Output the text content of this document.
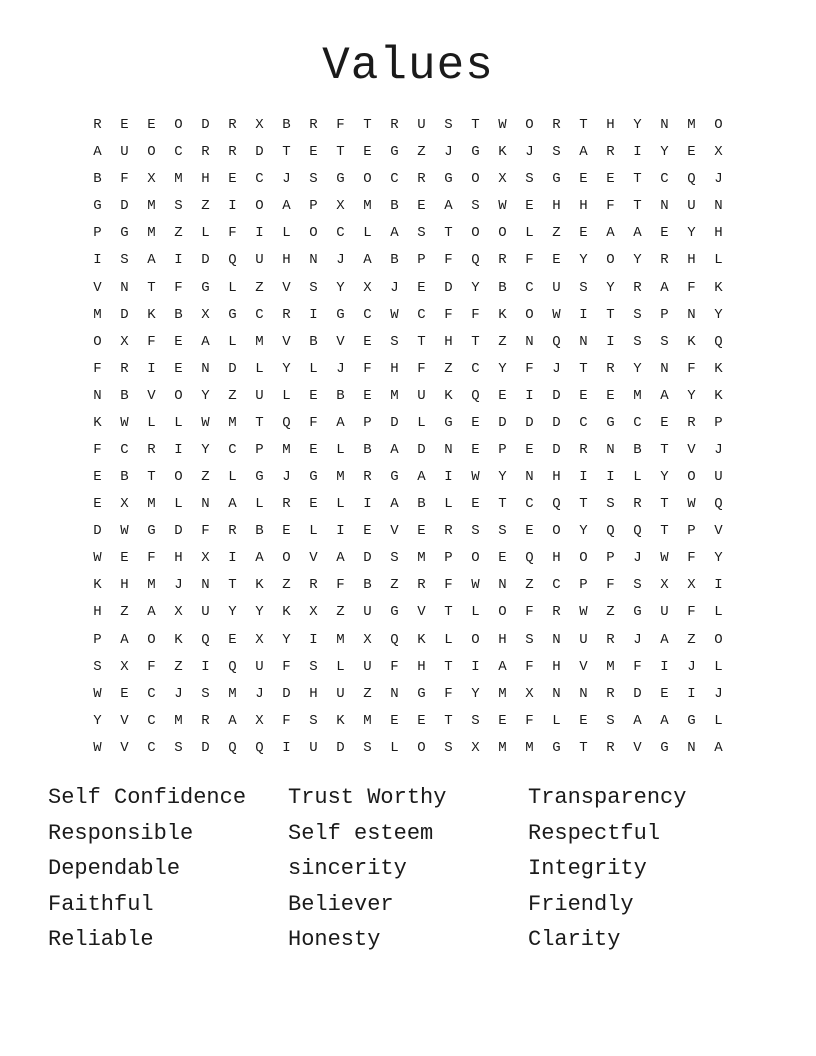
Values
R	E	E	O	D	R	X	B	R	F	T	R	U	S	T	W	O	R	T	H	Y	N	M	O
A	U	O	C	R	R	D	T	E	T	E	G	Z	J	G	K	J	S	A	R	I	Y	E	X
B	F	X	M	H	E	C	J	S	G	O	C	R	G	O	X	S	G	E	E	T	C	Q	J
G	D	M	S	Z	I	O	A	P	X	M	B	E	A	S	W	E	H	H	F	T	N	U	N
P	G	M	Z	L	F	I	L	O	C	L	A	S	T	O	O	L	Z	E	A	A	E	Y	H
I	S	A	I	D	Q	U	H	N	J	A	B	P	F	Q	R	F	E	Y	O	Y	R	H	L
V	N	T	F	G	L	Z	V	S	Y	X	J	E	D	Y	B	C	U	S	Y	R	A	F	K
M	D	K	B	X	G	C	R	I	G	C	W	C	F	F	K	O	W	I	T	S	P	N	Y
O	X	F	E	A	L	M	V	B	V	E	S	T	H	T	Z	N	Q	N	I	S	S	K	Q
F	R	I	E	N	D	L	Y	L	J	F	H	F	Z	C	Y	F	J	T	R	Y	N	F	K
N	B	V	O	Y	Z	U	L	E	B	E	M	U	K	Q	E	I	D	E	E	M	A	Y	K
K	W	L	L	W	M	T	Q	F	A	P	D	L	G	E	D	D	D	C	G	C	E	R	P
F	C	R	I	Y	C	P	M	E	L	B	A	D	N	E	P	E	D	R	N	B	T	V	J
E	B	T	O	Z	L	G	J	G	M	R	G	A	I	W	Y	N	H	I	I	L	Y	O	U
E	X	M	L	N	A	L	R	E	L	I	A	B	L	E	T	C	Q	T	S	R	T	W	Q
D	W	G	D	F	R	B	E	L	I	E	V	E	R	S	S	E	O	Y	Q	Q	T	P	V
W	E	F	H	X	I	A	O	V	A	D	S	M	P	O	E	Q	H	O	P	J	W	F	Y
K	H	M	J	N	T	K	Z	R	F	B	Z	R	F	W	N	Z	C	P	F	S	X	X	I
H	Z	A	X	U	Y	Y	K	X	Z	U	G	V	T	L	O	F	R	W	Z	G	U	F	L
P	A	O	K	Q	E	X	Y	I	M	X	Q	K	L	O	H	S	N	U	R	J	A	Z	O
S	X	F	Z	I	Q	U	F	S	L	U	F	H	T	I	A	F	H	V	M	F	I	J	L
W	E	C	J	S	M	J	D	H	U	Z	N	G	F	Y	M	X	N	N	R	D	E	I	J
Y	V	C	M	R	A	X	F	S	K	M	E	E	T	S	E	F	L	E	S	A	A	G	L
W	V	C	S	D	Q	Q	I	U	D	S	L	O	S	X	M	M	G	T	R	V	G	N	A
Self Confidence	Trust Worthy	Transparency
Responsible	Self esteem	Respectful
Dependable	sincerity	Integrity
Faithful	Believer	Friendly
Reliable	Honesty	Clarity
